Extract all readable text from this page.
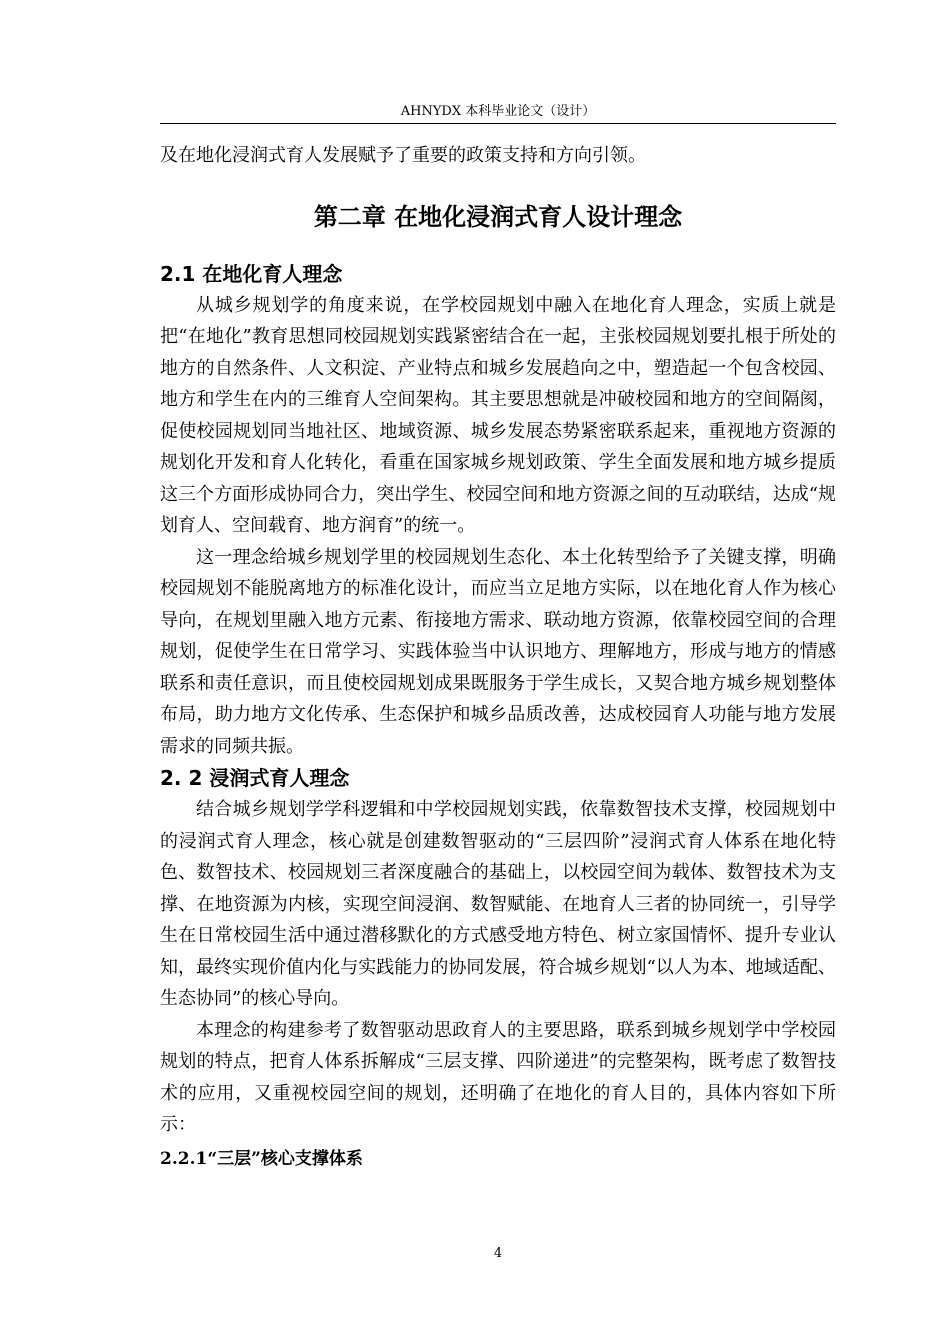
AHNYDX 本科毕业论文（设计）

及在地化浸润式育人发展赋予了重要的政策支持和方向引领。

第二章 在地化浸润式育人设计理念
2.1 在地化育人理念

从城乡规划学的角度来说，在学校园规划中融入在地化育人理念，实质上就是把“在地化”教育思想同校园规划实践紧密结合在一起，主张校园规划要扎根于所处的地方的自然条件、人文积淀、产业特点和城乡发展趋向之中，塑造起一个包含校园、地方和学生在内的三维育人空间架构。其主要思想就是冲破校园和地方的空间隔阂，促使校园规划同当地社区、地域资源、城乡发展态势紧密联系起来，重视地方资源的规划化开发和育人化转化，看重在国家城乡规划政策、学生全面发展和地方城乡提质这三个方面形成协同合力，突出学生、校园空间和地方资源之间的互动联结，达成“规划育人、空间载育、地方润育”的统一。

这一理念给城乡规划学里的校园规划生态化、本土化转型给予了关键支撑，明确校园规划不能脱离地方的标准化设计，而应当立足地方实际，以在地化育人作为核心导向，在规划里融入地方元素、衔接地方需求、联动地方资源，依靠校园空间的合理规划，促使学生在日常学习、实践体验当中认识地方、理解地方，形成与地方的情感联系和责任意识，而且使校园规划成果既服务于学生成长，又契合地方城乡规划整体布局，助力地方文化传承、生态保护和城乡品质改善，达成校园育人功能与地方发展需求的同频共振。

2. 2 浸润式育人理念

结合城乡规划学学科逻辑和中学校园规划实践，依靠数智技术支撑，校园规划中的浸润式育人理念，核心就是创建数智驱动的“三层四阶”浸润式育人体系在地化特色、数智技术、校园规划三者深度融合的基础上，以校园空间为载体、数智技术为支撑、在地资源为内核，实现空间浸润、数智赋能、在地育人三者的协同统一，引导学生在日常校园生活中通过潜移默化的方式感受地方特色、树立家国情怀、提升专业认知，最终实现价值内化与实践能力的协同发展，符合城乡规划“以人为本、地域适配、生态协同”的核心导向。

本理念的构建参考了数智驱动思政育人的主要思路，联系到城乡规划学中学校园规划的特点，把育人体系拆解成“三层支撑、四阶递进”的完整架构，既考虑了数智技术的应用，又重视校园空间的规划，还明确了在地化的育人目的，具体内容如下所示：

2.2.1“三层”核心支撑体系
4
